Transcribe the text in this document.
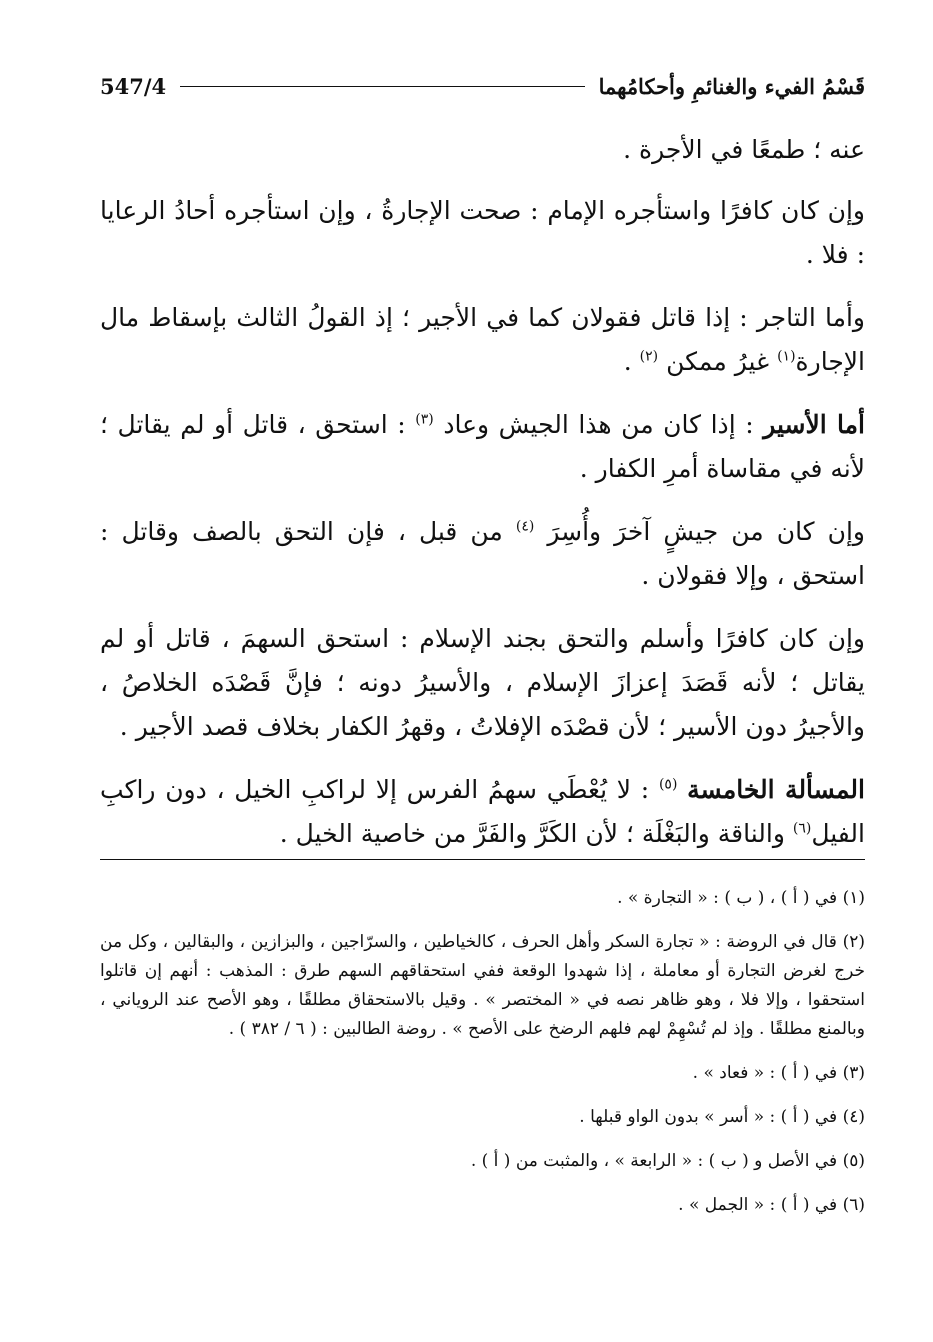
547/4	قَسْمُ الفيء والغنائمِ وأحكامُهما

عنه ؛ طمعًا في الأجرة .

وإن كان كافرًا واستأجره الإمام : صحت الإجارةُ ، وإن استأجره أحادُ الرعايا : فلا .

وأما التاجر : إذا قاتل فقولان كما في الأجير ؛ إذ القولُ الثالث بإسقاط مال الإجارة$^{(١)}$ غيرُ ممكن $^{(٢)}$ .

أما الأسير : إذا كان من هذا الجيش وعاد $^{(٣)}$ : استحق ، قاتل أو لم يقاتل ؛ لأنه في مقاساة أمرِ الكفار .

وإن كان من جيشٍ آخرَ وأُسِرَ $^{(٤)}$ من قبل ، فإن التحق بالصف وقاتل : استحق ، وإلا فقولان .

وإن كان كافرًا وأسلم والتحق بجند الإسلام : استحق السهمَ ، قاتل أو لم يقاتل ؛ لأنه قَصَدَ إعزازَ الإسلام ، والأسيرُ دونه ؛ فإنَّ قَصْدَه الخلاصُ ، والأجيرُ دون الأسير ؛ لأن قصْدَه الإفلاتُ ، وقهرُ الكفار بخلاف قصد الأجير .

المسألة الخامسة $^{(٥)}$ : لا يُعْطَي سهمُ الفرس إلا لراكبِ الخيل ، دون راكبِ الفيل$^{(٦)}$ والناقة والبَغْلَة ؛ لأن الكَرَّ والفَرَّ من خاصية الخيل .

(١) في ( أ ) ، ( ب ) : « التجارة » .

(٢) قال في الروضة : « تجارة السكر وأهل الحرف ، كالخياطين ، والسرّاجين ، والبزازين ، والبقالين ، وكل من خرج لغرض التجارة أو معاملة ، إذا شهدوا الوقعة ففي استحقاقهم السهم طرق : المذهب : أنهم إن قاتلوا استحقوا ، وإلا فلا ، وهو ظاهر نصه في « المختصر » . وقيل بالاستحقاق مطلقًا ، وهو الأصح عند الروياني ، وبالمنع مطلقًا . وإذ لم تُسْهِمْ لهم فلهم الرضخ على الأصح » . روضة الطالبين : ( ٦ / ٣٨٢ ) .

(٣) في ( أ ) : « فعاد » .

(٤) في ( أ ) : « أسر » بدون الواو قبلها .

(٥) في الأصل و ( ب ) : « الرابعة » ، والمثبت من ( أ ) .

(٦) في ( أ ) : « الجمل » .
